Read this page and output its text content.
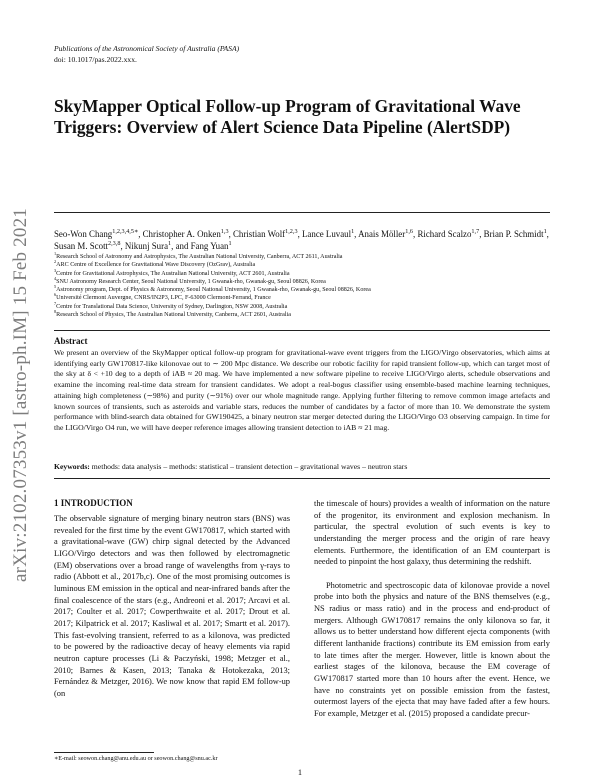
arXiv:2102.07353v1 [astro-ph.IM] 15 Feb 2021
Publications of the Astronomical Society of Australia (PASA)
doi: 10.1017/pas.2022.xxx.
SkyMapper Optical Follow-up Program of Gravitational Wave Triggers: Overview of Alert Science Data Pipeline (AlertSDP)
Seo-Won Chang$^{1,2,3,4,5∗}$, Christopher A. Onken$^{1,3}$, Christian Wolf$^{1,2,3}$, Lance Luvaul$^1$, Anais Möller$^{1,6}$, Richard Scalzo$^{1,7}$, Brian P. Schmidt$^1$, Susan M. Scott$^{2,3,8}$, Nikunj Sura$^1$, and Fang Yuan$^1$
$^1$Research School of Astronomy and Astrophysics, The Australian National University, Canberra, ACT 2611, Australia
$^2$ARC Centre of Excellence for Gravitational Wave Discovery (OzGrav), Australia
$^3$Centre for Gravitational Astrophysics, The Australian National University, ACT 2601, Australia
$^4$SNU Astronomy Research Center, Seoul National University, 1 Gwanak-rho, Gwanak-gu, Seoul 08826, Korea
$^5$Astronomy program, Dept. of Physics & Astronomy, Seoul National University, 1 Gwanak-rho, Gwanak-gu, Seoul 08826, Korea
$^6$Université Clermont Auvergne, CNRS/IN2P3, LPC, F-63000 Clermont-Ferrand, France
$^7$Centre for Translational Data Science, University of Sydney, Darlington, NSW 2008, Australia
$^8$Research School of Physics, The Australian National University, Canberra, ACT 2601, Australia
Abstract
We present an overview of the SkyMapper optical follow-up program for gravitational-wave event triggers from the LIGO/Virgo observatories, which aims at identifying early GW170817-like kilonovae out to ∼ 200 Mpc distance. We describe our robotic facility for rapid transient follow-up, which can target most of the sky at δ < +10 deg to a depth of iAB ≈ 20 mag. We have implemented a new software pipeline to receive LIGO/Virgo alerts, schedule observations and examine the incoming real-time data stream for transient candidates. We adopt a real-bogus classifier using ensemble-based machine learning techniques, attaining high completeness (∼98%) and purity (∼91%) over our whole magnitude range. Applying further filtering to remove common image artefacts and known sources of transients, such as asteroids and variable stars, reduces the number of candidates by a factor of more than 10. We demonstrate the system performance with blind-search data obtained for GW190425, a binary neutron star merger detected during the LIGO/Virgo O3 observing campaign. In time for the LIGO/Virgo O4 run, we will have deeper reference images allowing transient detection to iAB ≈ 21 mag.
Keywords: methods: data analysis – methods: statistical – transient detection – gravitational waves – neutron stars
1 INTRODUCTION

The observable signature of merging binary neutron stars (BNS) was revealed for the first time by the event GW170817, which started with a gravitational-wave (GW) chirp signal detected by the Advanced LIGO/Virgo detectors and was then followed by electromagnetic (EM) observations over a broad range of wavelengths from γ-rays to radio (Abbott et al., 2017b,c). One of the most promising outcomes is luminous EM emission in the optical and near-infrared bands after the final coalescence of the stars (e.g., Andreoni et al. 2017; Arcavi et al. 2017; Coulter et al. 2017; Cowperthwaite et al. 2017; Drout et al. 2017; Kilpatrick et al. 2017; Kasliwal et al. 2017; Smartt et al. 2017). This fast-evolving transient, referred to as a kilonova, was predicted to be powered by the radioactive decay of heavy elements via rapid neutron capture processes (Li & Paczyński, 1998; Metzger et al., 2010; Barnes & Kasen, 2013; Tanaka & Hotokezaka, 2013; Fernández & Metzger, 2016). We now know that rapid EM follow-up (on

the timescale of hours) provides a wealth of information on the nature of the progenitor, its environment and explosion mechanism. In particular, the spectral evolution of such events is key to understanding the merger process and the origin of rare heavy elements. Furthermore, the identification of an EM counterpart is needed to pinpoint the host galaxy, thus determining the redshift.

Photometric and spectroscopic data of kilonovae provide a novel probe into both the physics and nature of the BNS themselves (e.g., NS radius or mass ratio) and in the process and end-product of mergers. Although GW170817 remains the only kilonova so far, it allows us to better understand how different ejecta components (with different lanthanide fractions) contribute its EM emission from early to late times after the merger. However, little is known about the earliest stages of the kilonova, because the EM coverage of GW170817 started more than 10 hours after the event. Hence, we have no constraints yet on possible emission from the fastest, outermost layers of the ejecta that may have faded after a few hours. For example, Metzger et al. (2015) proposed a candidate precur-

∗E-mail: seowon.chang@anu.edu.au or seowon.chang@snu.ac.kr
1
